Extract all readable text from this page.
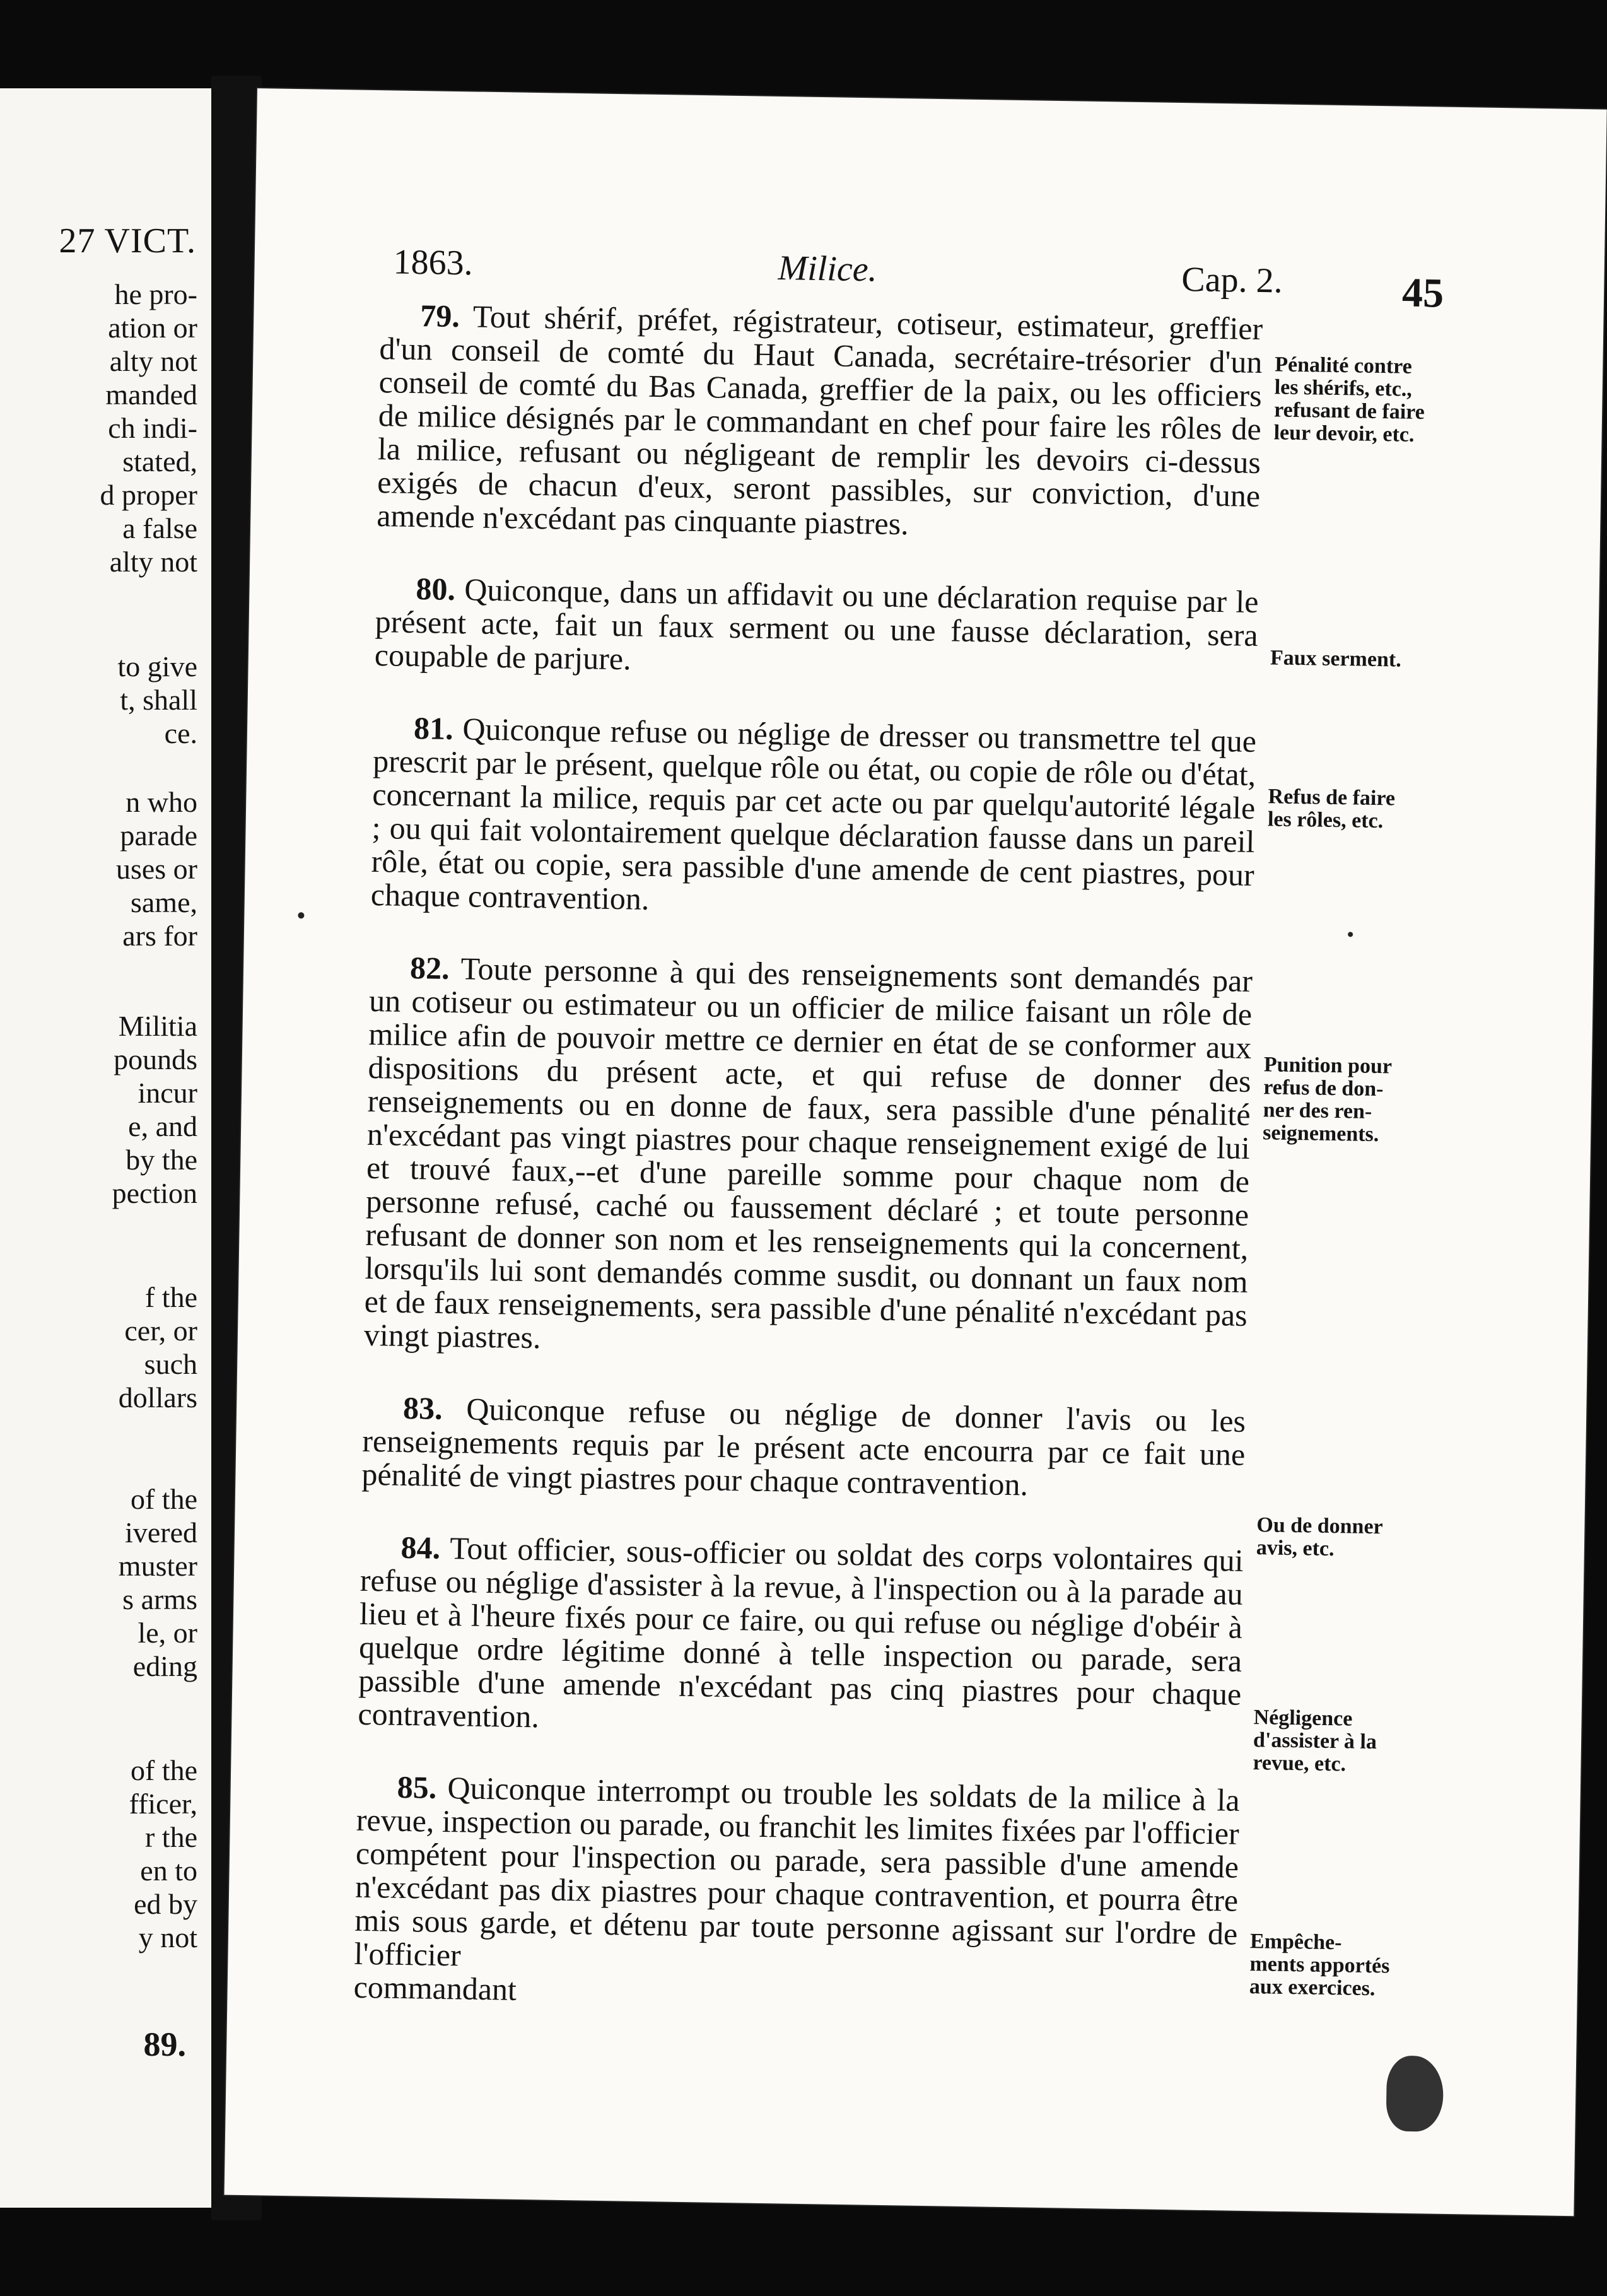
27 VICT.
he pro-
ation or
alty not
manded
ch indi-
stated,
d proper
a false
alty not
to give
t, shall
ce.
n who
parade
uses or
same,
ars for
Militia
pounds
incur
e, and
by the
pection
f the
cer, or
such
dollars
of the
ivered
muster
s arms
le, or
eding
of the
fficer,
r the
en to
ed by
y not
89.
1863.	Milice.	Cap. 2.	45

79. Tout shérif, préfet, régistrateur, cotiseur, estimateur, greffier d'un conseil de comté du Haut Canada, secrétaire-trésorier d'un conseil de comté du Bas Canada, greffier de la paix, ou les officiers de milice désignés par le commandant en chef pour faire les rôles de la milice, refusant ou négligeant de remplir les devoirs ci-dessus exigés de chacun d'eux, seront passibles, sur conviction, d'une amende n'excédant pas cinquante piastres.

80. Quiconque, dans un affidavit ou une déclaration requise par le présent acte, fait un faux serment ou une fausse déclaration, sera coupable de parjure.

81. Quiconque refuse ou néglige de dresser ou transmettre tel que prescrit par le présent, quelque rôle ou état, ou copie de rôle ou d'état, concernant la milice, requis par cet acte ou par quelqu'autorité légale ; ou qui fait volontairement quelque déclaration fausse dans un pareil rôle, état ou copie, sera passible d'une amende de cent piastres, pour chaque contravention.

82. Toute personne à qui des renseignements sont demandés par un cotiseur ou estimateur ou un officier de milice faisant un rôle de milice afin de pouvoir mettre ce dernier en état de se conformer aux dispositions du présent acte, et qui refuse de donner des renseignements ou en donne de faux, sera passible d'une pénalité n'excédant pas vingt piastres pour chaque renseignement exigé de lui et trouvé faux,--et d'une pareille somme pour chaque nom de personne refusé, caché ou faussement déclaré ; et toute personne refusant de donner son nom et les renseignements qui la concernent, lorsqu'ils lui sont demandés comme susdit, ou donnant un faux nom et de faux renseignements, sera passible d'une pénalité n'excédant pas vingt piastres.

83. Quiconque refuse ou néglige de donner l'avis ou les renseignements requis par le présent acte encourra par ce fait une pénalité de vingt piastres pour chaque contravention.

84. Tout officier, sous-officier ou soldat des corps volontaires qui refuse ou néglige d'assister à la revue, à l'inspection ou à la parade au lieu et à l'heure fixés pour ce faire, ou qui refuse ou néglige d'obéir à quelque ordre légitime donné à telle inspection ou parade, sera passible d'une amende n'excédant pas cinq piastres pour chaque contravention.

85. Quiconque interrompt ou trouble les soldats de la milice à la revue, inspection ou parade, ou franchit les limites fixées par l'officier compétent pour l'inspection ou parade, sera passible d'une amende n'excédant pas dix piastres pour chaque contravention, et pourra être mis sous garde, et détenu par toute personne agissant sur l'ordre de l'officier
commandant

Pénalité contre
les shérifs, etc.,
refusant de faire
leur devoir, etc.
Faux serment.
Refus de faire
les rôles, etc.
Punition pour
refus de don-
ner des ren-
seignements.
Ou de donner
avis, etc.
Négligence
d'assister à la
revue, etc.
Empêche-
ments apportés
aux exercices.
